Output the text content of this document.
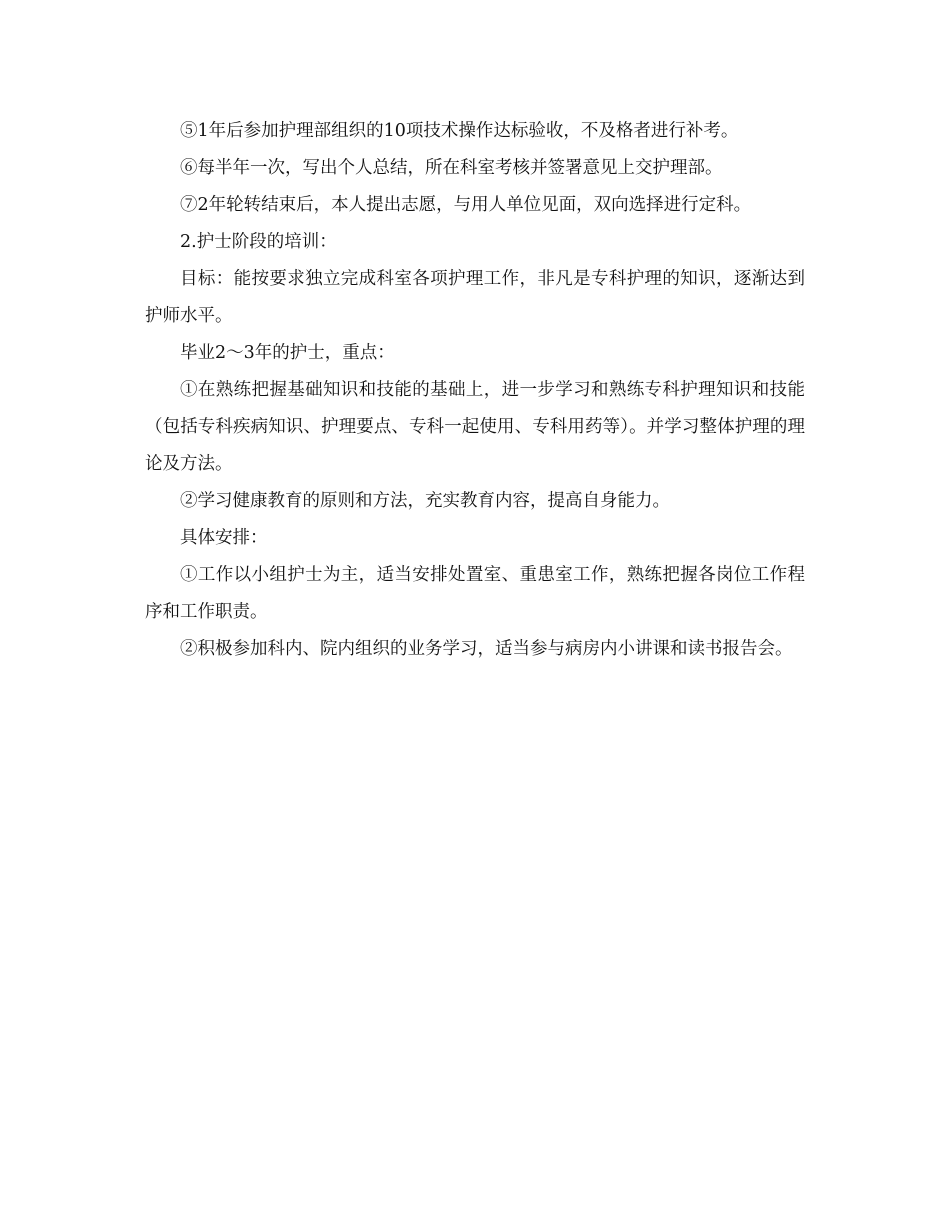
⑤1年后参加护理部组织的10项技术操作达标验收，不及格者进行补考。

⑥每半年一次，写出个人总结，所在科室考核并签署意见上交护理部。

⑦2年轮转结束后，本人提出志愿，与用人单位见面，双向选择进行定科。

2.护士阶段的培训：

目标：能按要求独立完成科室各项护理工作，非凡是专科护理的知识，逐渐达到护师水平。

毕业2～3年的护士，重点：

①在熟练把握基础知识和技能的基础上，进一步学习和熟练专科护理知识和技能（包括专科疾病知识、护理要点、专科一起使用、专科用药等）。并学习整体护理的理论及方法。

②学习健康教育的原则和方法，充实教育内容，提高自身能力。

具体安排：

①工作以小组护士为主，适当安排处置室、重患室工作，熟练把握各岗位工作程序和工作职责。

②积极参加科内、院内组织的业务学习，适当参与病房内小讲课和读书报告会。
